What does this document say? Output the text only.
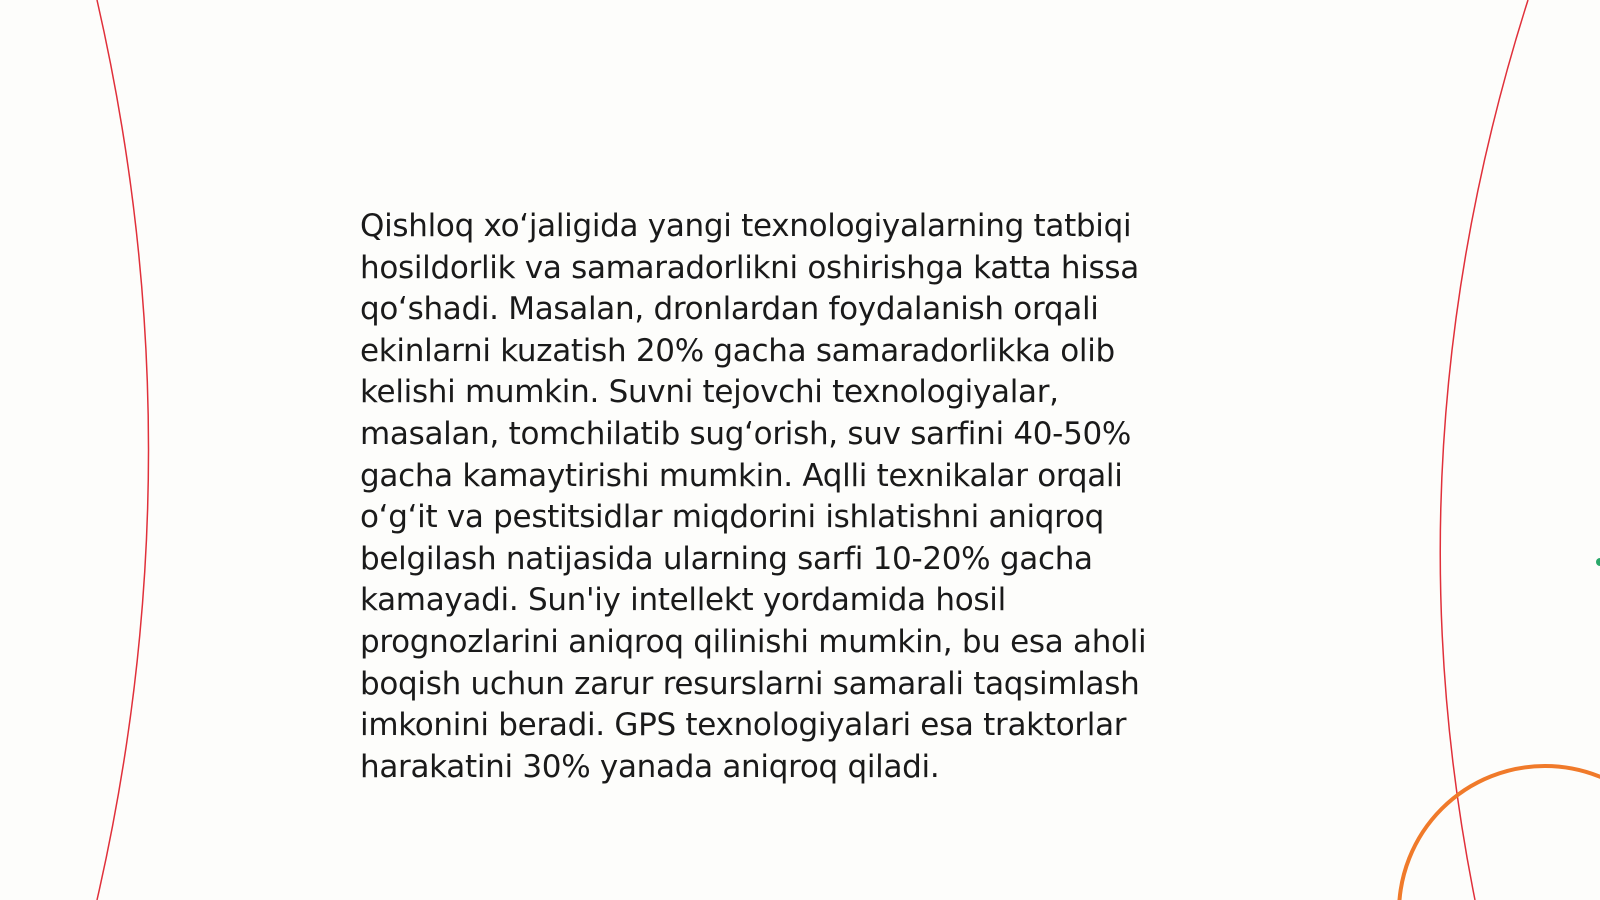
Qishloq xo‘jaligida yangi texnologiyalarning tatbiqi
hosildorlik va samaradorlikni oshirishga katta hissa
qo‘shadi. Masalan, dronlardan foydalanish orqali
ekinlarni kuzatish 20% gacha samaradorlikka olib
kelishi mumkin. Suvni tejovchi texnologiyalar,
masalan, tomchilatib sug‘orish, suv sarfini 40-50%
gacha kamaytirishi mumkin. Aqlli texnikalar orqali
o‘g‘it va pestitsidlar miqdorini ishlatishni aniqroq
belgilash natijasida ularning sarfi 10-20% gacha
kamayadi. Sun'iy intellekt yordamida hosil
prognozlarini aniqroq qilinishi mumkin, bu esa aholi
boqish uchun zarur resurslarni samarali taqsimlash
imkonini beradi. GPS texnologiyalari esa traktorlar
harakatini 30% yanada aniqroq qiladi.
